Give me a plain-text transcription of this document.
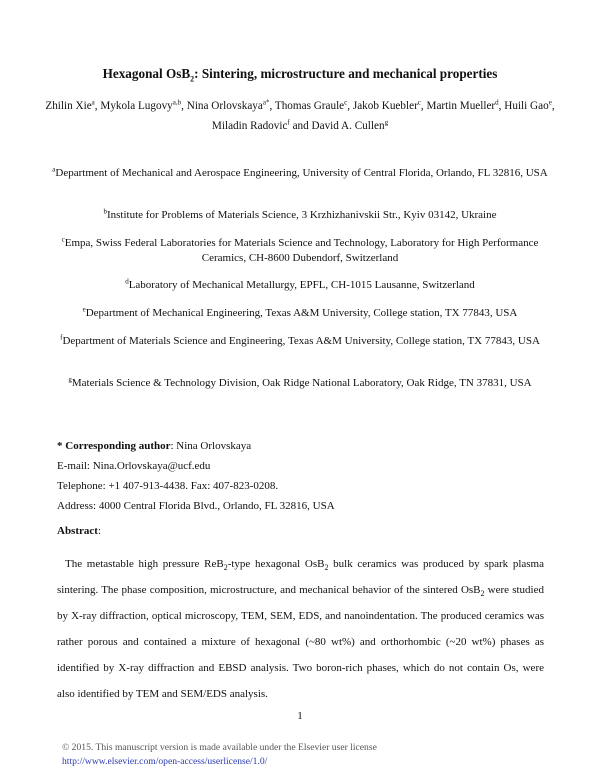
Hexagonal OsB$_2$: Sintering, microstructure and mechanical properties
Zhilin Xie$^a$, Mykola Lugovy$^{a,b}$, Nina Orlovskaya$^{a*}$, Thomas Graule$^c$, Jakob Kuebler$^c$, Martin Mueller$^d$, Huili Gao$^e$, Miladin Radovic$^f$ and David A. Cullen$^g$
$^a$Department of Mechanical and Aerospace Engineering, University of Central Florida, Orlando, FL 32816, USA
$^b$Institute for Problems of Materials Science, 3 Krzhizhanivskii Str., Kyiv 03142, Ukraine
$^c$Empa, Swiss Federal Laboratories for Materials Science and Technology, Laboratory for High Performance Ceramics, CH-8600 Dubendorf, Switzerland
$^d$Laboratory of Mechanical Metallurgy, EPFL, CH-1015 Lausanne, Switzerland
$^e$Department of Mechanical Engineering, Texas A&M University, College station, TX 77843, USA
$^f$Department of Materials Science and Engineering, Texas A&M University, College station, TX 77843, USA
$^g$Materials Science & Technology Division, Oak Ridge National Laboratory, Oak Ridge, TN 37831, USA
* Corresponding author: Nina Orlovskaya
E-mail: Nina.Orlovskaya@ucf.edu
Telephone: +1 407-913-4438. Fax: 407-823-0208.
Address: 4000 Central Florida Blvd., Orlando, FL 32816, USA
Abstract:

The metastable high pressure ReB$_2$-type hexagonal OsB$_2$ bulk ceramics was produced by spark plasma sintering. The phase composition, microstructure, and mechanical behavior of the sintered OsB$_2$ were studied by X-ray diffraction, optical microscopy, TEM, SEM, EDS, and nanoindentation. The produced ceramics was rather porous and contained a mixture of hexagonal (~80 wt%) and orthorhombic (~20 wt%) phases as identified by X-ray diffraction and EBSD analysis. Two boron-rich phases, which do not contain Os, were also identified by TEM and SEM/EDS analysis.

1
© 2015. This manuscript version is made available under the Elsevier user license
http://www.elsevier.com/open-access/userlicense/1.0/
